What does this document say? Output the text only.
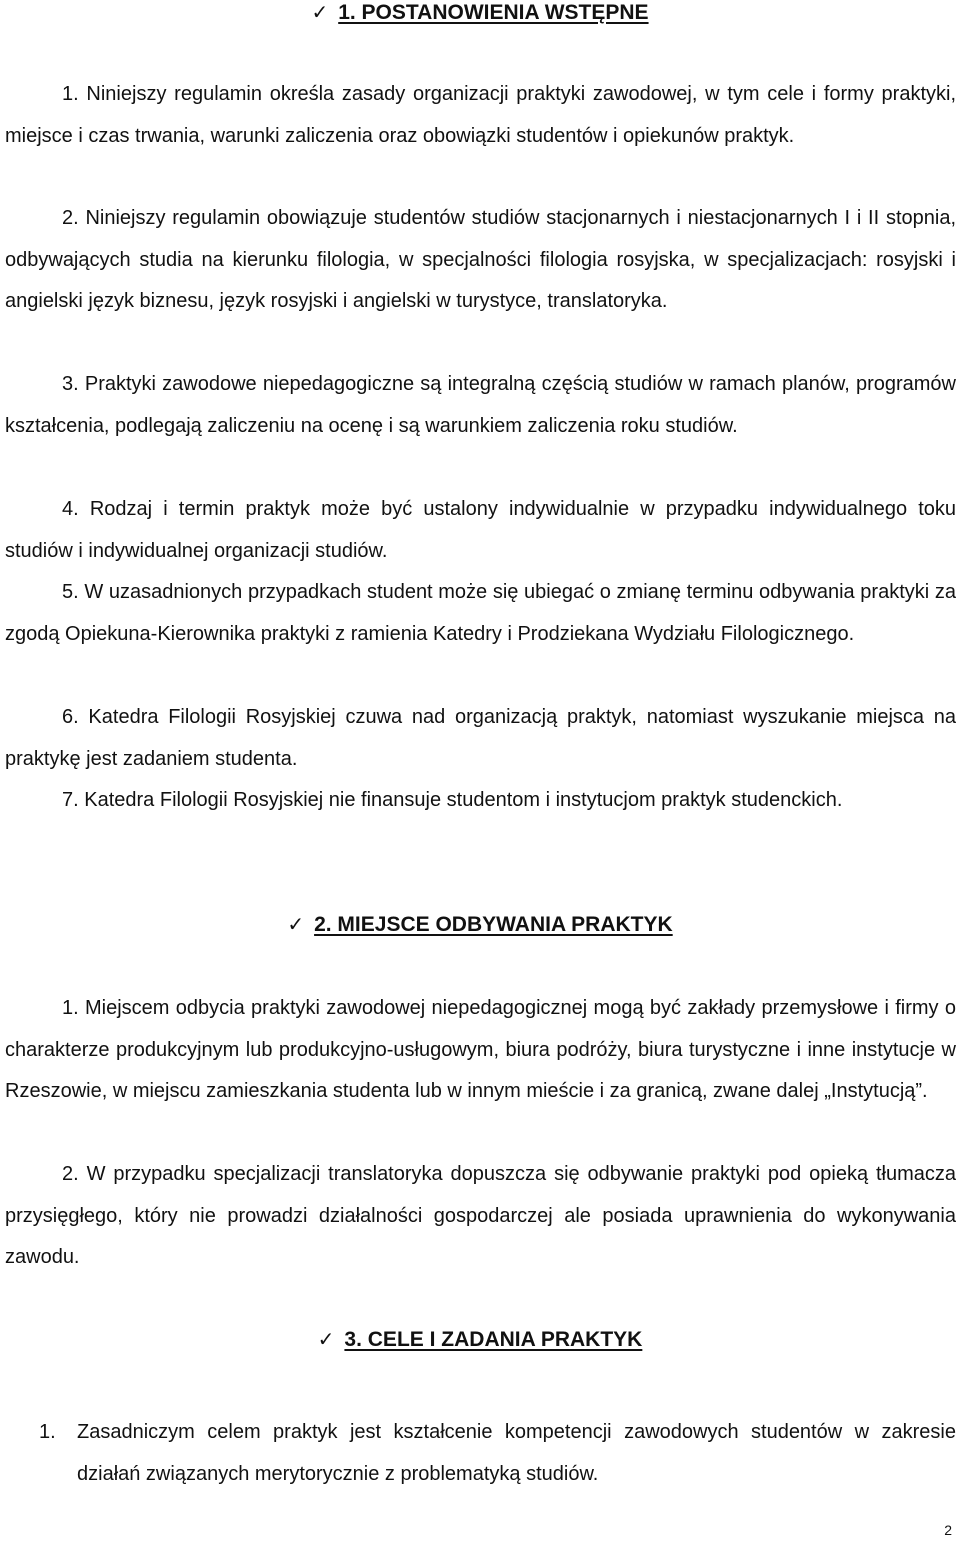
✓ 1. POSTANOWIENIA WSTĘPNE
1. Niniejszy regulamin określa zasady organizacji praktyki zawodowej, w tym cele i formy praktyki, miejsce i czas trwania, warunki zaliczenia oraz obowiązki studentów i opiekunów praktyk.
2. Niniejszy regulamin obowiązuje studentów studiów stacjonarnych i niestacjonarnych I i II stopnia, odbywających studia na kierunku filologia, w specjalności filologia rosyjska, w specjalizacjach: rosyjski i angielski język biznesu, język rosyjski i angielski w turystyce, translatoryka.
3. Praktyki zawodowe niepedagogiczne są integralną częścią studiów w ramach planów, programów kształcenia, podlegają zaliczeniu na ocenę i są warunkiem zaliczenia roku studiów.
4. Rodzaj i termin praktyk może być ustalony indywidualnie w przypadku indywidualnego toku studiów i indywidualnej organizacji studiów.
5. W uzasadnionych przypadkach student może się ubiegać o zmianę terminu odbywania praktyki za zgodą Opiekuna-Kierownika praktyki z ramienia Katedry i Prodziekana Wydziału Filologicznego.
6. Katedra Filologii Rosyjskiej czuwa nad organizacją praktyk, natomiast wyszukanie miejsca na praktykę jest zadaniem studenta.
7. Katedra Filologii Rosyjskiej nie finansuje studentom i instytucjom praktyk studenckich.
✓ 2. MIEJSCE ODBYWANIA PRAKTYK
1. Miejscem odbycia praktyki zawodowej niepedagogicznej mogą być zakłady przemysłowe i firmy o charakterze produkcyjnym lub produkcyjno-usługowym, biura podróży, biura turystyczne i inne instytucje w Rzeszowie, w miejscu zamieszkania studenta lub w innym mieście i za granicą, zwane dalej „Instytucją”.
2. W przypadku specjalizacji translatoryka dopuszcza się odbywanie praktyki pod opieką tłumacza przysięgłego, który nie prowadzi działalności gospodarczej ale posiada uprawnienia do wykonywania zawodu.
✓ 3. CELE I ZADANIA PRAKTYK
1. Zasadniczym celem praktyk jest kształcenie kompetencji zawodowych studentów w zakresie działań związanych merytorycznie z problematyką studiów.
2
